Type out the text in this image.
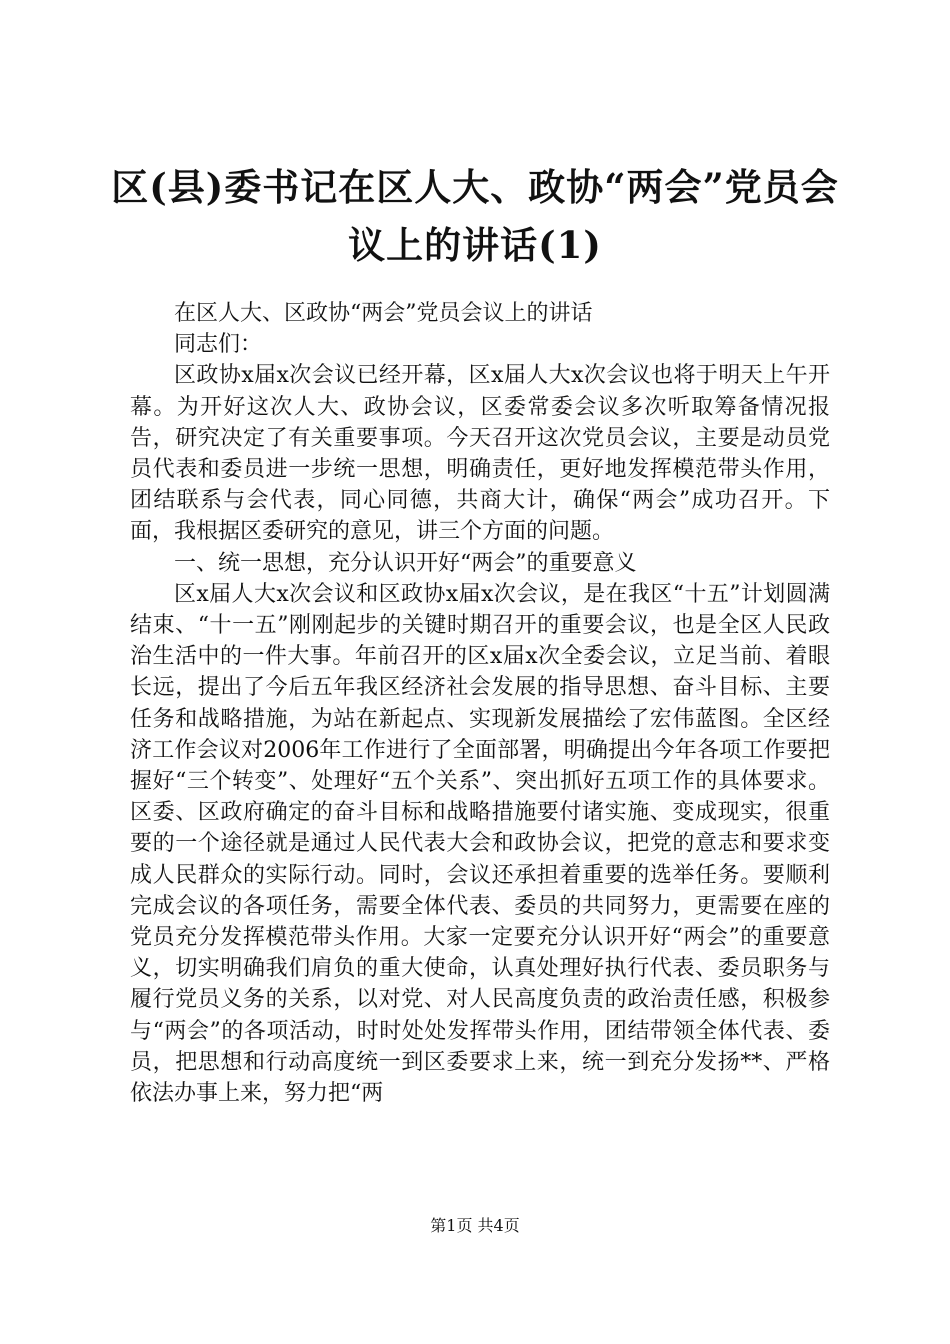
区(县)委书记在区人大、政协“两会”党员会议上的讲话(1)

在区人大、区政协“两会”党员会议上的讲话

同志们：

区政协x届x次会议已经开幕，区x届人大x次会议也将于明天上午开幕。为开好这次人大、政协会议，区委常委会议多次听取筹备情况报告，研究决定了有关重要事项。今天召开这次党员会议，主要是动员党员代表和委员进一步统一思想，明确责任，更好地发挥模范带头作用，团结联系与会代表，同心同德，共商大计，确保“两会”成功召开。下面，我根据区委研究的意见，讲三个方面的问题。

一、统一思想，充分认识开好“两会”的重要意义

区x届人大x次会议和区政协x届x次会议，是在我区“十五”计划圆满结束、“十一五”刚刚起步的关键时期召开的重要会议，也是全区人民政治生活中的一件大事。年前召开的区x届x次全委会议，立足当前、着眼长远，提出了今后五年我区经济社会发展的指导思想、奋斗目标、主要任务和战略措施，为站在新起点、实现新发展描绘了宏伟蓝图。全区经济工作会议对2006年工作进行了全面部署，明确提出今年各项工作要把握好“三个转变”、处理好“五个关系”、突出抓好五项工作的具体要求。区委、区政府确定的奋斗目标和战略措施要付诸实施、变成现实，很重要的一个途径就是通过人民代表大会和政协会议，把党的意志和要求变成人民群众的实际行动。同时，会议还承担着重要的选举任务。要顺利完成会议的各项任务，需要全体代表、委员的共同努力，更需要在座的党员充分发挥模范带头作用。大家一定要充分认识开好“两会”的重要意义，切实明确我们肩负的重大使命，认真处理好执行代表、委员职务与履行党员义务的关系，以对党、对人民高度负责的政治责任感，积极参与“两会”的各项活动，时时处处发挥带头作用，团结带领全体代表、委员，把思想和行动高度统一到区委要求上来，统一到充分发扬**、严格依法办事上来，努力把“两

第1页 共4页
